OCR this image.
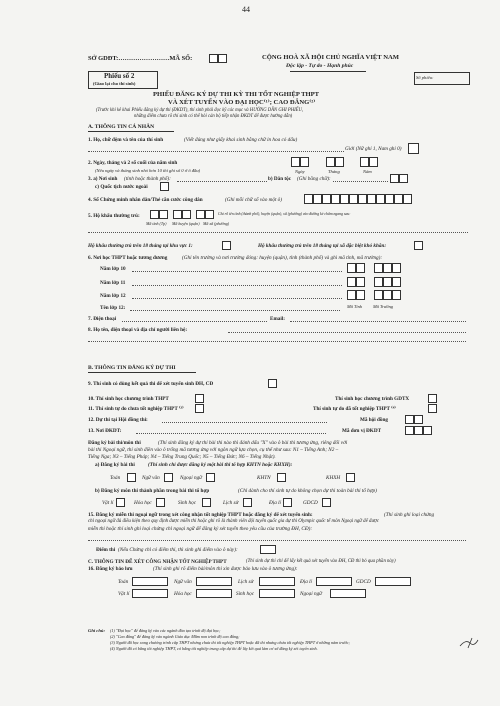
44
SỞ GDĐT:……………………MÃ SỐ:	CỘNG HOÀ XÃ HỘI CHỦ NGHĨA VIỆT NAM
Độc lập - Tự do - Hạnh phúc
Phiếu số 2
(Giao lại cho thí sinh)
Số phiếu:
PHIẾU ĐĂNG KÝ DỰ THI KỲ THI TỐT NGHIỆP THPT
VÀ XÉT TUYỂN VÀO ĐẠI HỌC⁽¹⁾; CAO ĐẲNG⁽²⁾
(Trước khi kê khai Phiếu đăng ký dự thi (ĐKDT), thí sinh phải đọc kỹ các mục và HƯỚNG DẪN GHI PHIẾU,
những điểm chưa rõ thí sinh có thể hỏi cán bộ tiếp nhận ĐKDT để được hướng dẫn)
A. THÔNG TIN CÁ NHÂN
1. Họ, chữ đệm và tên của thí sinh	(Viết đúng như giấy khai sinh bằng chữ in hoa có dấu)
Giới (Nữ ghi 1, Nam ghi 0)
2. Ngày, tháng và 2 số cuối của năm sinh
(Nếu ngày và tháng sinh nhỏ hơn 10 thì ghi số 0 ở ô đầu)	Ngày	Tháng	Năm
3. a) Nơi sinh (tỉnh hoặc thành phố):	b) Dân tộc (Ghi bằng chữ):
c) Quốc tịch nước ngoài
4. Số Chứng minh nhân dân/Thẻ căn cước công dân	(Ghi mỗi chữ số vào một ô)
5. Hộ khẩu thường trú:	Ghi rõ tên tỉnh (thành phố), huyện (quận), xã (phường) vào đường kẻ chấm ngang sau:
Mã tỉnh (Tp) Mã huyện (quận) Mã xã (phường)
Hộ khẩu thường trú trên 18 tháng tại khu vực 1:	Hộ khẩu thường trú trên 18 tháng tại xã đặc biệt khó khăn:
6. Nơi học THPT hoặc tương đương	(Ghi tên trường và nơi trường đóng: huyện (quận), tỉnh (thành phố) và ghi mã tỉnh, mã trường):
Năm lớp 10
Năm lớp 11
Năm lớp 12
Tên lớp 12:	Mã Tỉnh Mã Trường
7. Điện thoại	Email:
8. Họ tên, điện thoại và địa chỉ người liên hệ:
B. THÔNG TIN ĐĂNG KÝ DỰ THI
9. Thí sinh có dùng kết quả thi để xét tuyển sinh ĐH, CĐ
10. Thí sinh học chương trình THPT	Thí sinh học chương trình GDTX
11. Thí sinh tự do chưa tốt nghiệp THPT ⁽³⁾	Thí sinh tự do đã tốt nghiệp THPT ⁽⁴⁾
12. Dự thi tại Hội đồng thi:	Mã hội đồng
13. Nơi ĐKDT:	Mã đơn vị ĐKDT
Đăng ký bài thi/môn thi	(Thí sinh đăng ký dự thi bài thi nào thì đánh dấu "X" vào ô bài thi tương ứng, riêng đối với
bài thi Ngoại ngữ, thí sinh điền vào ô trống mã tương ứng với ngôn ngữ lựa chọn, cụ thể như sau: N1 – Tiếng Anh; N2 –
Tiếng Nga; N3 – Tiếng Pháp; N4 – Tiếng Trung Quốc; N5 – Tiếng Đức; N6 – Tiếng Nhật).
a) Đăng ký bài thi	(Thí sinh chỉ được đăng ký một bài thi tổ hợp KHTN hoặc KHXH):
Toán	Ngữ văn	Ngoại ngữ	KHTN	KHXH
b) Đăng ký môn thi thành phần trong bài thi tổ hợp	(Chỉ dành cho thí sinh tự do không chọn dự thi toàn bài thi tổ hợp)
Vật lí	Hóa học	Sinh học	Lịch sử	Địa lí	GDCD
15. Đăng ký miễn thi ngoại ngữ trong xét công nhận tốt nghiệp THPT hoặc đăng ký để xét tuyển sinh:	(Thí sinh ghi loại chứng
chỉ ngoại ngữ đủ điều kiện theo quy định được miễn thi hoặc ghi rõ là thành viên đội tuyển quốc gia dự thi Olympic quốc tế môn Ngoại ngữ để được
miễn thi hoặc thí sinh ghi loại chứng chỉ ngoại ngữ để đăng ký xét tuyển theo yêu cầu của trường ĐH, CĐ):
Điểm thi (Nếu Chứng chỉ có điểm thi, thì sinh ghi điểm vào ô này):
C. THÔNG TIN ĐỂ XÉT CÔNG NHẬN TỐT NGHIỆP THPT	(Thí sinh dự thi chỉ để lấy kết quả xét tuyển vào ĐH, CĐ thì bỏ qua phần này)
16. Đăng ký bảo lưu	(Thí sinh ghi rõ điểm bài/môn thi xin được bảo lưu vào ô tương ứng):
Toán	Ngữ văn	Lịch sử	Địa lí	GDCD
Vật lí	Hóa học	Sinh học	Ngoại ngữ
Ghi chú: (1) "Đại học" để đăng ký vào các ngành đào tạo trình độ đại học;
(2) "Cao đẳng" để đăng ký vào ngành Giáo dục Mầm non trình độ cao đẳng;
(3) Người đã học xong chương trình cấp THPT nhưng chưa thi tốt nghiệp THPT hoặc đã thi nhưng chưa tốt nghiệp THPT ở những năm trước;
(4) Người đã có bằng tốt nghiệp THPT, có bằng tốt nghiệp trung cấp dự thi để lấy kết quả làm cơ sở đăng ký xét tuyển sinh.
